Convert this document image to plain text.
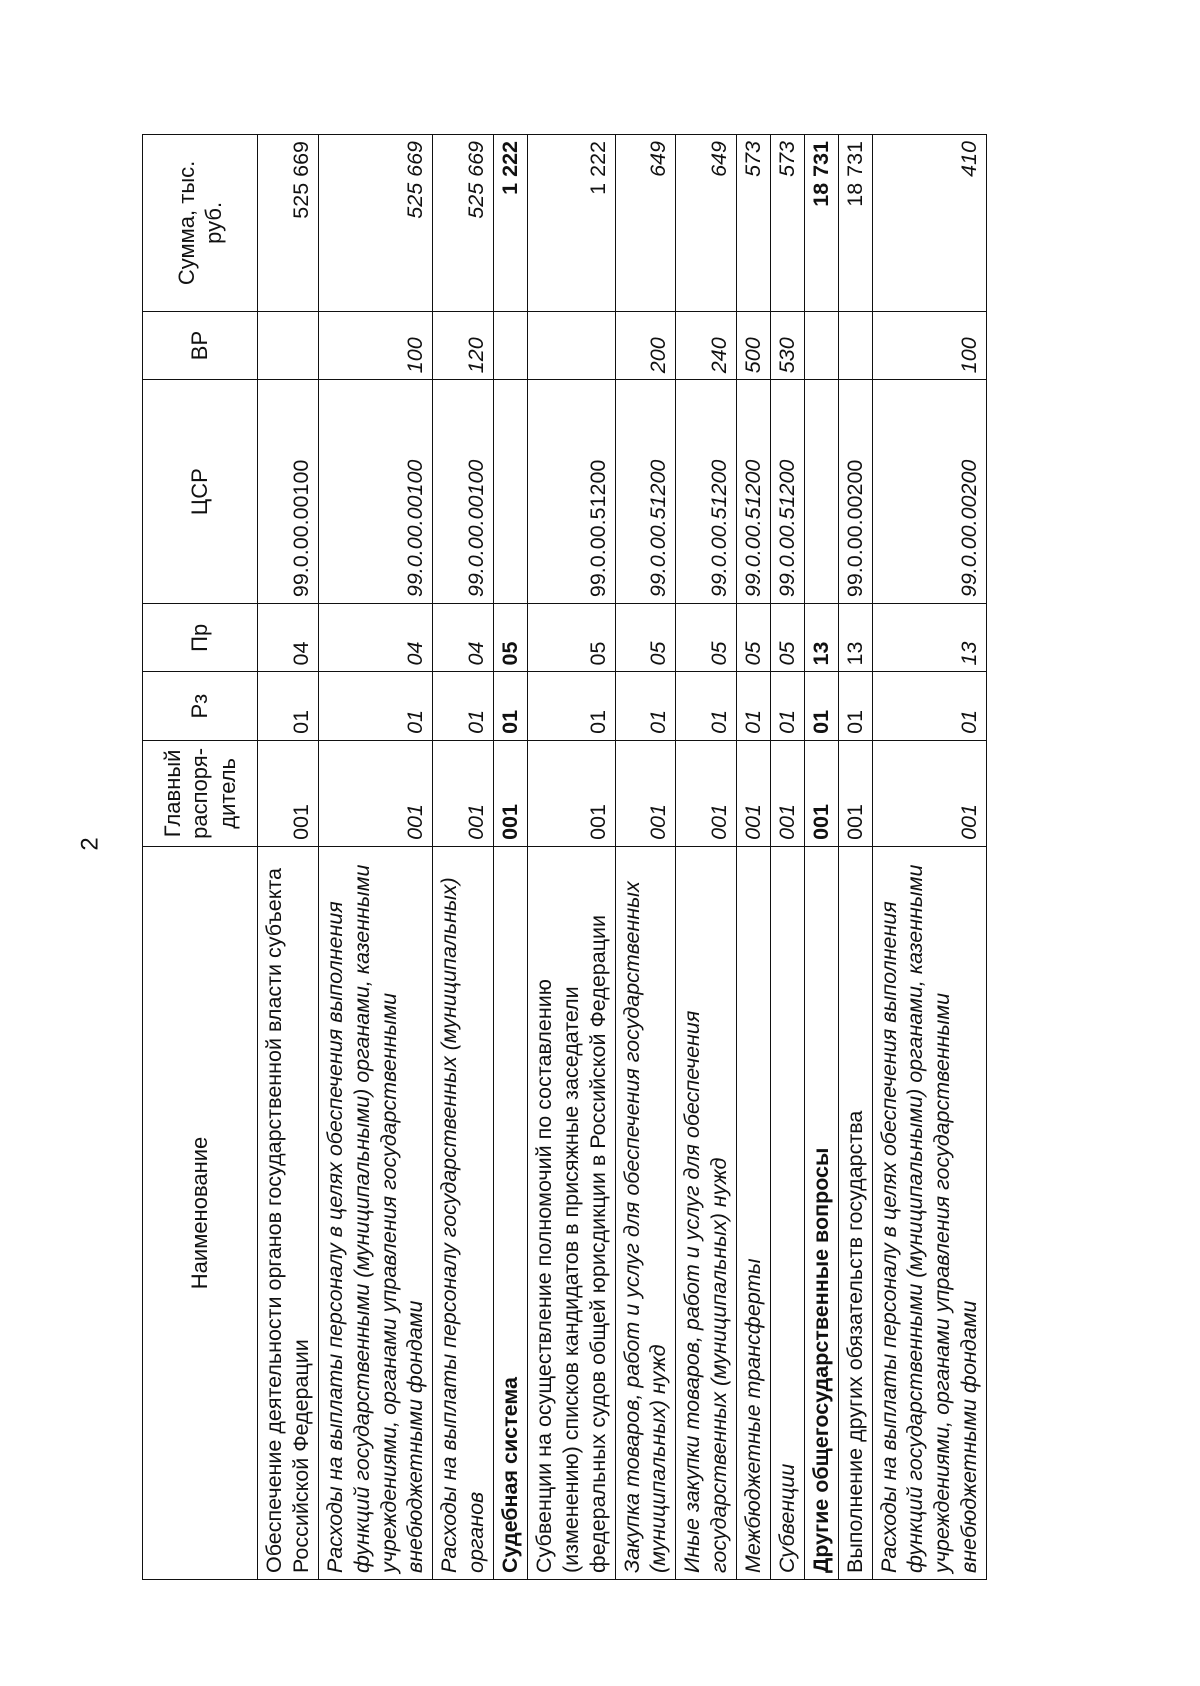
2
Наименование	Главный распоря-дитель	Рз	Пр	ЦСР	ВР	Сумма, тыс. руб.
Обеспечение деятельности органов государственной власти субъекта Российской Федерации	001	01	04	99.0.00.00100		525 669
Расходы на выплаты персоналу в целях обеспечения выполнения функций государственными (муниципальными) органами, казенными учреждениями, органами управления государственными внебюджетными фондами	001	01	04	99.0.00.00100	100	525 669
Расходы на выплаты персоналу государственных (муниципальных) органов	001	01	04	99.0.00.00100	120	525 669
Судебная система	001	01	05			1 222
Субвенции на осуществление полномочий по составлению (изменению) списков кандидатов в присяжные заседатели федеральных судов общей юрисдикции в Российской Федерации	001	01	05	99.0.00.51200		1 222
Закупка товаров, работ и услуг для обеспечения государственных (муниципальных) нужд	001	01	05	99.0.00.51200	200	649
Иные закупки товаров, работ и услуг для обеспечения государственных (муниципальных) нужд	001	01	05	99.0.00.51200	240	649
Межбюджетные трансферты	001	01	05	99.0.00.51200	500	573
Субвенции	001	01	05	99.0.00.51200	530	573
Другие общегосударственные вопросы	001	01	13			18 731
Выполнение других обязательств государства	001	01	13	99.0.00.00200		18 731
Расходы на выплаты персоналу в целях обеспечения выполнения функций государственными (муниципальными) органами, казенными учреждениями, органами управления государственными внебюджетными фондами	001	01	13	99.0.00.00200	100	410
